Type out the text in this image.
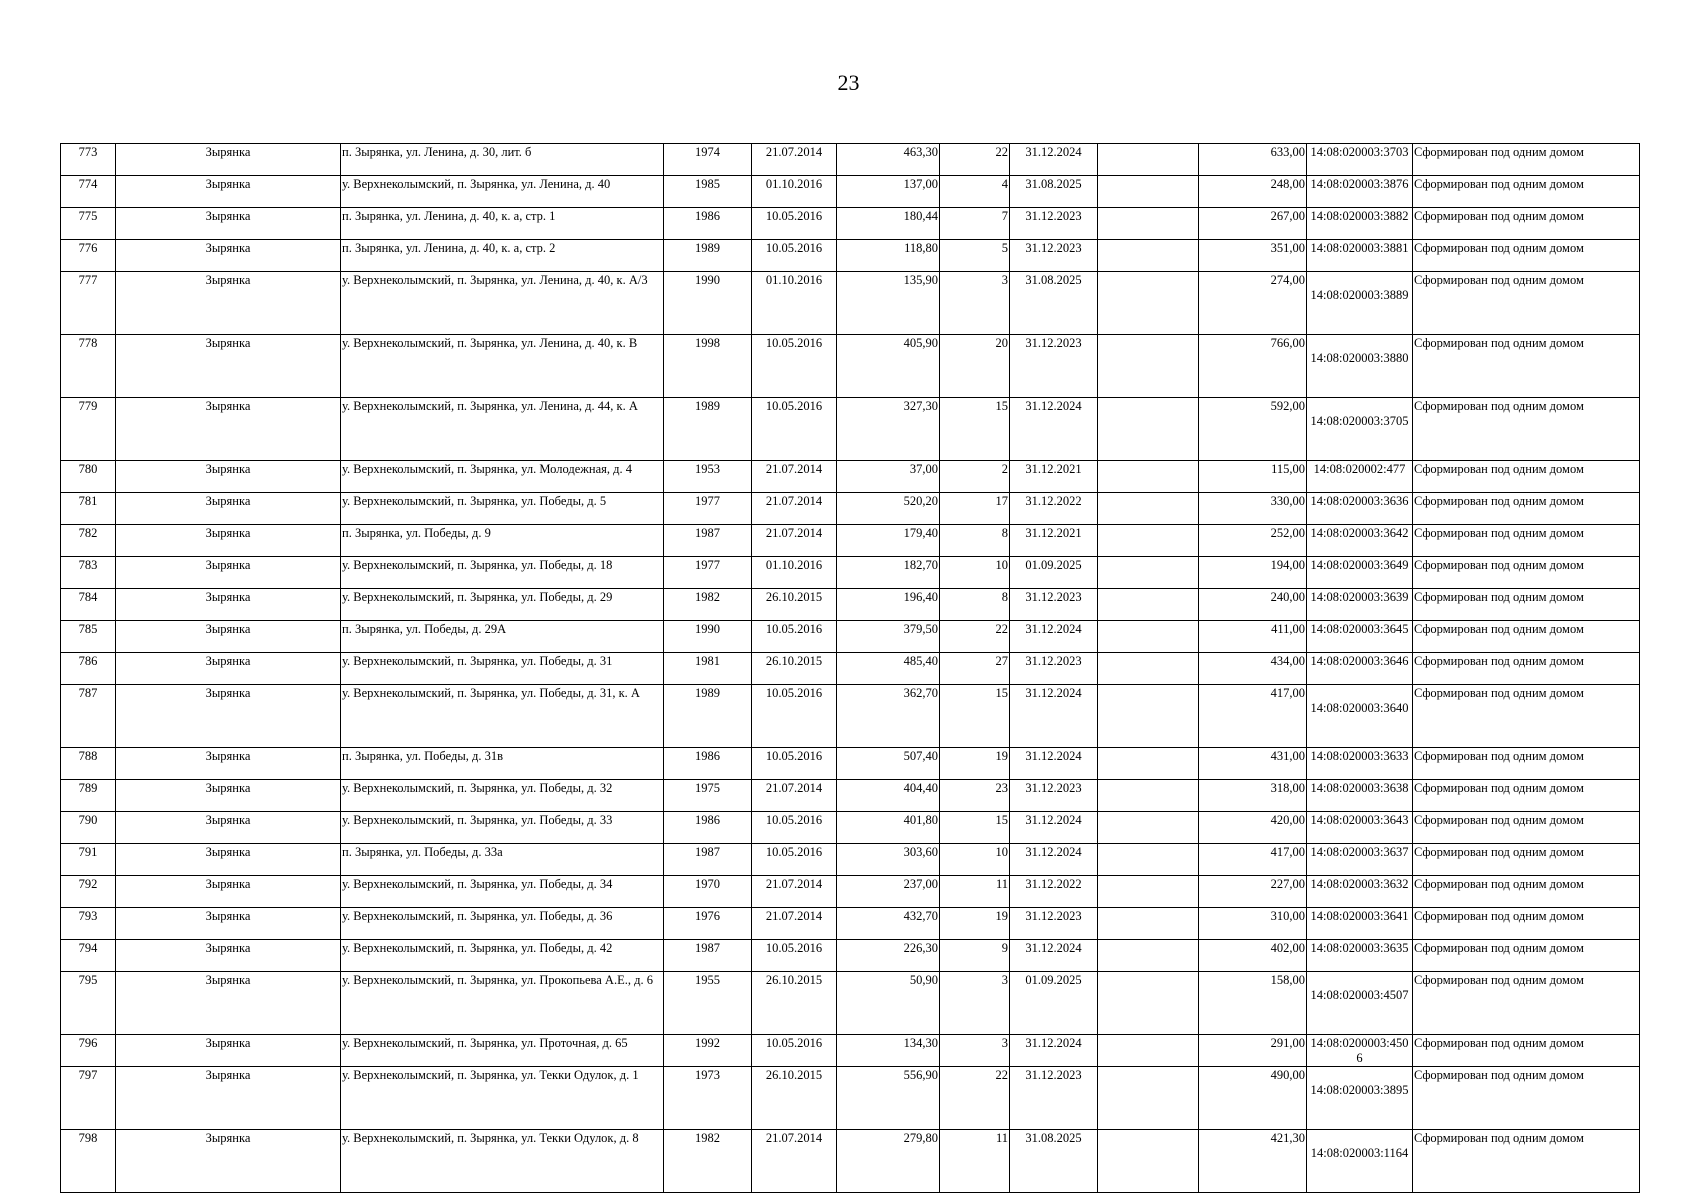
23
773	Зырянка	п. Зырянка, ул. Ленина, д. 30, лит. б	1974	21.07.2014	463,30	22	31.12.2024		633,00	14:08:020003:3703	Сформирован под одним домом
774	Зырянка	у. Верхнеколымский, п. Зырянка, ул. Ленина, д. 40	1985	01.10.2016	137,00	4	31.08.2025		248,00	14:08:020003:3876	Сформирован под одним домом
775	Зырянка	п. Зырянка, ул. Ленина, д. 40, к. а, стр. 1	1986	10.05.2016	180,44	7	31.12.2023		267,00	14:08:020003:3882	Сформирован под одним домом
776	Зырянка	п. Зырянка, ул. Ленина, д. 40, к. а, стр. 2	1989	10.05.2016	118,80	5	31.12.2023		351,00	14:08:020003:3881	Сформирован под одним домом
777	Зырянка	у. Верхнеколымский, п. Зырянка, ул. Ленина, д. 40, к. А/3	1990	01.10.2016	135,90	3	31.08.2025		274,00	14:08:020003:3889	Сформирован под одним домом
778	Зырянка	у. Верхнеколымский, п. Зырянка, ул. Ленина, д. 40, к. В	1998	10.05.2016	405,90	20	31.12.2023		766,00	14:08:020003:3880	Сформирован под одним домом
779	Зырянка	у. Верхнеколымский, п. Зырянка, ул. Ленина, д. 44, к. А	1989	10.05.2016	327,30	15	31.12.2024		592,00	14:08:020003:3705	Сформирован под одним домом
780	Зырянка	у. Верхнеколымский, п. Зырянка, ул. Молодежная, д. 4	1953	21.07.2014	37,00	2	31.12.2021		115,00	14:08:020002:477	Сформирован под одним домом
781	Зырянка	у. Верхнеколымский, п. Зырянка, ул. Победы, д. 5	1977	21.07.2014	520,20	17	31.12.2022		330,00	14:08:020003:3636	Сформирован под одним домом
782	Зырянка	п. Зырянка, ул. Победы, д. 9	1987	21.07.2014	179,40	8	31.12.2021		252,00	14:08:020003:3642	Сформирован под одним домом
783	Зырянка	у. Верхнеколымский, п. Зырянка, ул. Победы, д. 18	1977	01.10.2016	182,70	10	01.09.2025		194,00	14:08:020003:3649	Сформирован под одним домом
784	Зырянка	у. Верхнеколымский, п. Зырянка, ул. Победы, д. 29	1982	26.10.2015	196,40	8	31.12.2023		240,00	14:08:020003:3639	Сформирован под одним домом
785	Зырянка	п. Зырянка, ул. Победы, д. 29А	1990	10.05.2016	379,50	22	31.12.2024		411,00	14:08:020003:3645	Сформирован под одним домом
786	Зырянка	у. Верхнеколымский, п. Зырянка, ул. Победы, д. 31	1981	26.10.2015	485,40	27	31.12.2023		434,00	14:08:020003:3646	Сформирован под одним домом
787	Зырянка	у. Верхнеколымский, п. Зырянка, ул. Победы, д. 31, к. А	1989	10.05.2016	362,70	15	31.12.2024		417,00	14:08:020003:3640	Сформирован под одним домом
788	Зырянка	п. Зырянка, ул. Победы, д. 31в	1986	10.05.2016	507,40	19	31.12.2024		431,00	14:08:020003:3633	Сформирован под одним домом
789	Зырянка	у. Верхнеколымский, п. Зырянка, ул. Победы, д. 32	1975	21.07.2014	404,40	23	31.12.2023		318,00	14:08:020003:3638	Сформирован под одним домом
790	Зырянка	у. Верхнеколымский, п. Зырянка, ул. Победы, д. 33	1986	10.05.2016	401,80	15	31.12.2024		420,00	14:08:020003:3643	Сформирован под одним домом
791	Зырянка	п. Зырянка, ул. Победы, д. 33а	1987	10.05.2016	303,60	10	31.12.2024		417,00	14:08:020003:3637	Сформирован под одним домом
792	Зырянка	у. Верхнеколымский, п. Зырянка, ул. Победы, д. 34	1970	21.07.2014	237,00	11	31.12.2022		227,00	14:08:020003:3632	Сформирован под одним домом
793	Зырянка	у. Верхнеколымский, п. Зырянка, ул. Победы, д. 36	1976	21.07.2014	432,70	19	31.12.2023		310,00	14:08:020003:3641	Сформирован под одним домом
794	Зырянка	у. Верхнеколымский, п. Зырянка, ул. Победы, д. 42	1987	10.05.2016	226,30	9	31.12.2024		402,00	14:08:020003:3635	Сформирован под одним домом
795	Зырянка	у. Верхнеколымский, п. Зырянка, ул. Прокопьева А.Е., д. 6	1955	26.10.2015	50,90	3	01.09.2025		158,00	14:08:020003:4507	Сформирован под одним домом
796	Зырянка	у. Верхнеколымский, п. Зырянка, ул. Проточная, д. 65	1992	10.05.2016	134,30	3	31.12.2024		291,00	14:08:0200003:4506	Сформирован под одним домом
797	Зырянка	у. Верхнеколымский, п. Зырянка, ул. Текки Одулок, д. 1	1973	26.10.2015	556,90	22	31.12.2023		490,00	14:08:020003:3895	Сформирован под одним домом
798	Зырянка	у. Верхнеколымский, п. Зырянка, ул. Текки Одулок, д. 8	1982	21.07.2014	279,80	11	31.08.2025		421,30	14:08:020003:1164	Сформирован под одним домом
